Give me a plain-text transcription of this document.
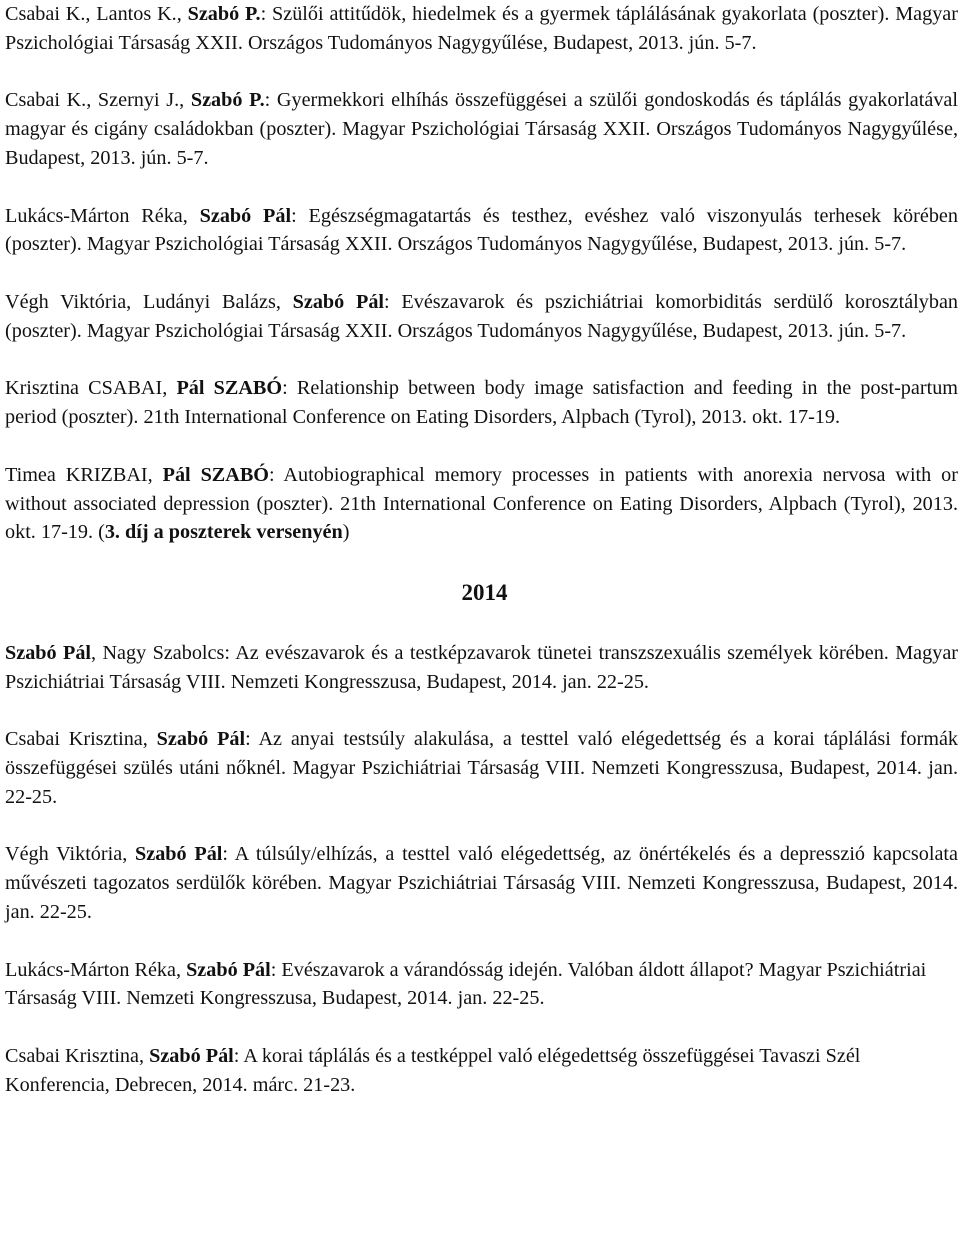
Csabai K., Lantos K., Szabó P.: Szülői attitűdök, hiedelmek és a gyermek táplálásának gyakorlata (poszter). Magyar Pszichológiai Társaság XXII. Országos Tudományos Nagygyűlése, Budapest, 2013. jún. 5-7.

Csabai K., Szernyi J., Szabó P.: Gyermekkori elhíhás összefüggései a szülői gondoskodás és táplálás gyakorlatával magyar és cigány családokban (poszter). Magyar Pszichológiai Társaság XXII. Országos Tudományos Nagygyűlése, Budapest, 2013. jún. 5-7.

Lukács-Márton Réka, Szabó Pál: Egészségmagatartás és testhez, evéshez való viszonyulás terhesek körében (poszter). Magyar Pszichológiai Társaság XXII. Országos Tudományos Nagygyűlése, Budapest, 2013. jún. 5-7.

Végh Viktória, Ludányi Balázs, Szabó Pál: Evészavarok és pszichiátriai komorbiditás serdülő korosztályban (poszter). Magyar Pszichológiai Társaság XXII. Országos Tudományos Nagygyűlése, Budapest, 2013. jún. 5-7.

Krisztina CSABAI, Pál SZABÓ: Relationship between body image satisfaction and feeding in the post-partum period (poszter). 21th International Conference on Eating Disorders, Alpbach (Tyrol), 2013. okt. 17-19.

Timea KRIZBAI, Pál SZABÓ: Autobiographical memory processes in patients with anorexia nervosa with or without associated depression (poszter). 21th International Conference on Eating Disorders, Alpbach (Tyrol), 2013. okt. 17-19. (3. díj a poszterek versenyén)

2014

Szabó Pál, Nagy Szabolcs: Az evészavarok és a testképzavarok tünetei transzszexuális személyek körében. Magyar Pszichiátriai Társaság VIII. Nemzeti Kongresszusa, Budapest, 2014. jan. 22-25.

Csabai Krisztina, Szabó Pál: Az anyai testsúly alakulása, a testtel való elégedettség és a korai táplálási formák összefüggései szülés utáni nőknél. Magyar Pszichiátriai Társaság VIII. Nemzeti Kongresszusa, Budapest, 2014. jan. 22-25.

Végh Viktória, Szabó Pál: A túlsúly/elhízás, a testtel való elégedettség, az önértékelés és a depresszió kapcsolata művészeti tagozatos serdülők körében. Magyar Pszichiátriai Társaság VIII. Nemzeti Kongresszusa, Budapest, 2014. jan. 22-25.

Lukács-Márton Réka, Szabó Pál: Evészavarok a várandósság idején. Valóban áldott állapot? Magyar Pszichiátriai Társaság VIII. Nemzeti Kongresszusa, Budapest, 2014. jan. 22-25.

Csabai Krisztina, Szabó Pál: A korai táplálás és a testképpel való elégedettség összefüggései Tavaszi Szél Konferencia, Debrecen, 2014. márc. 21-23.
